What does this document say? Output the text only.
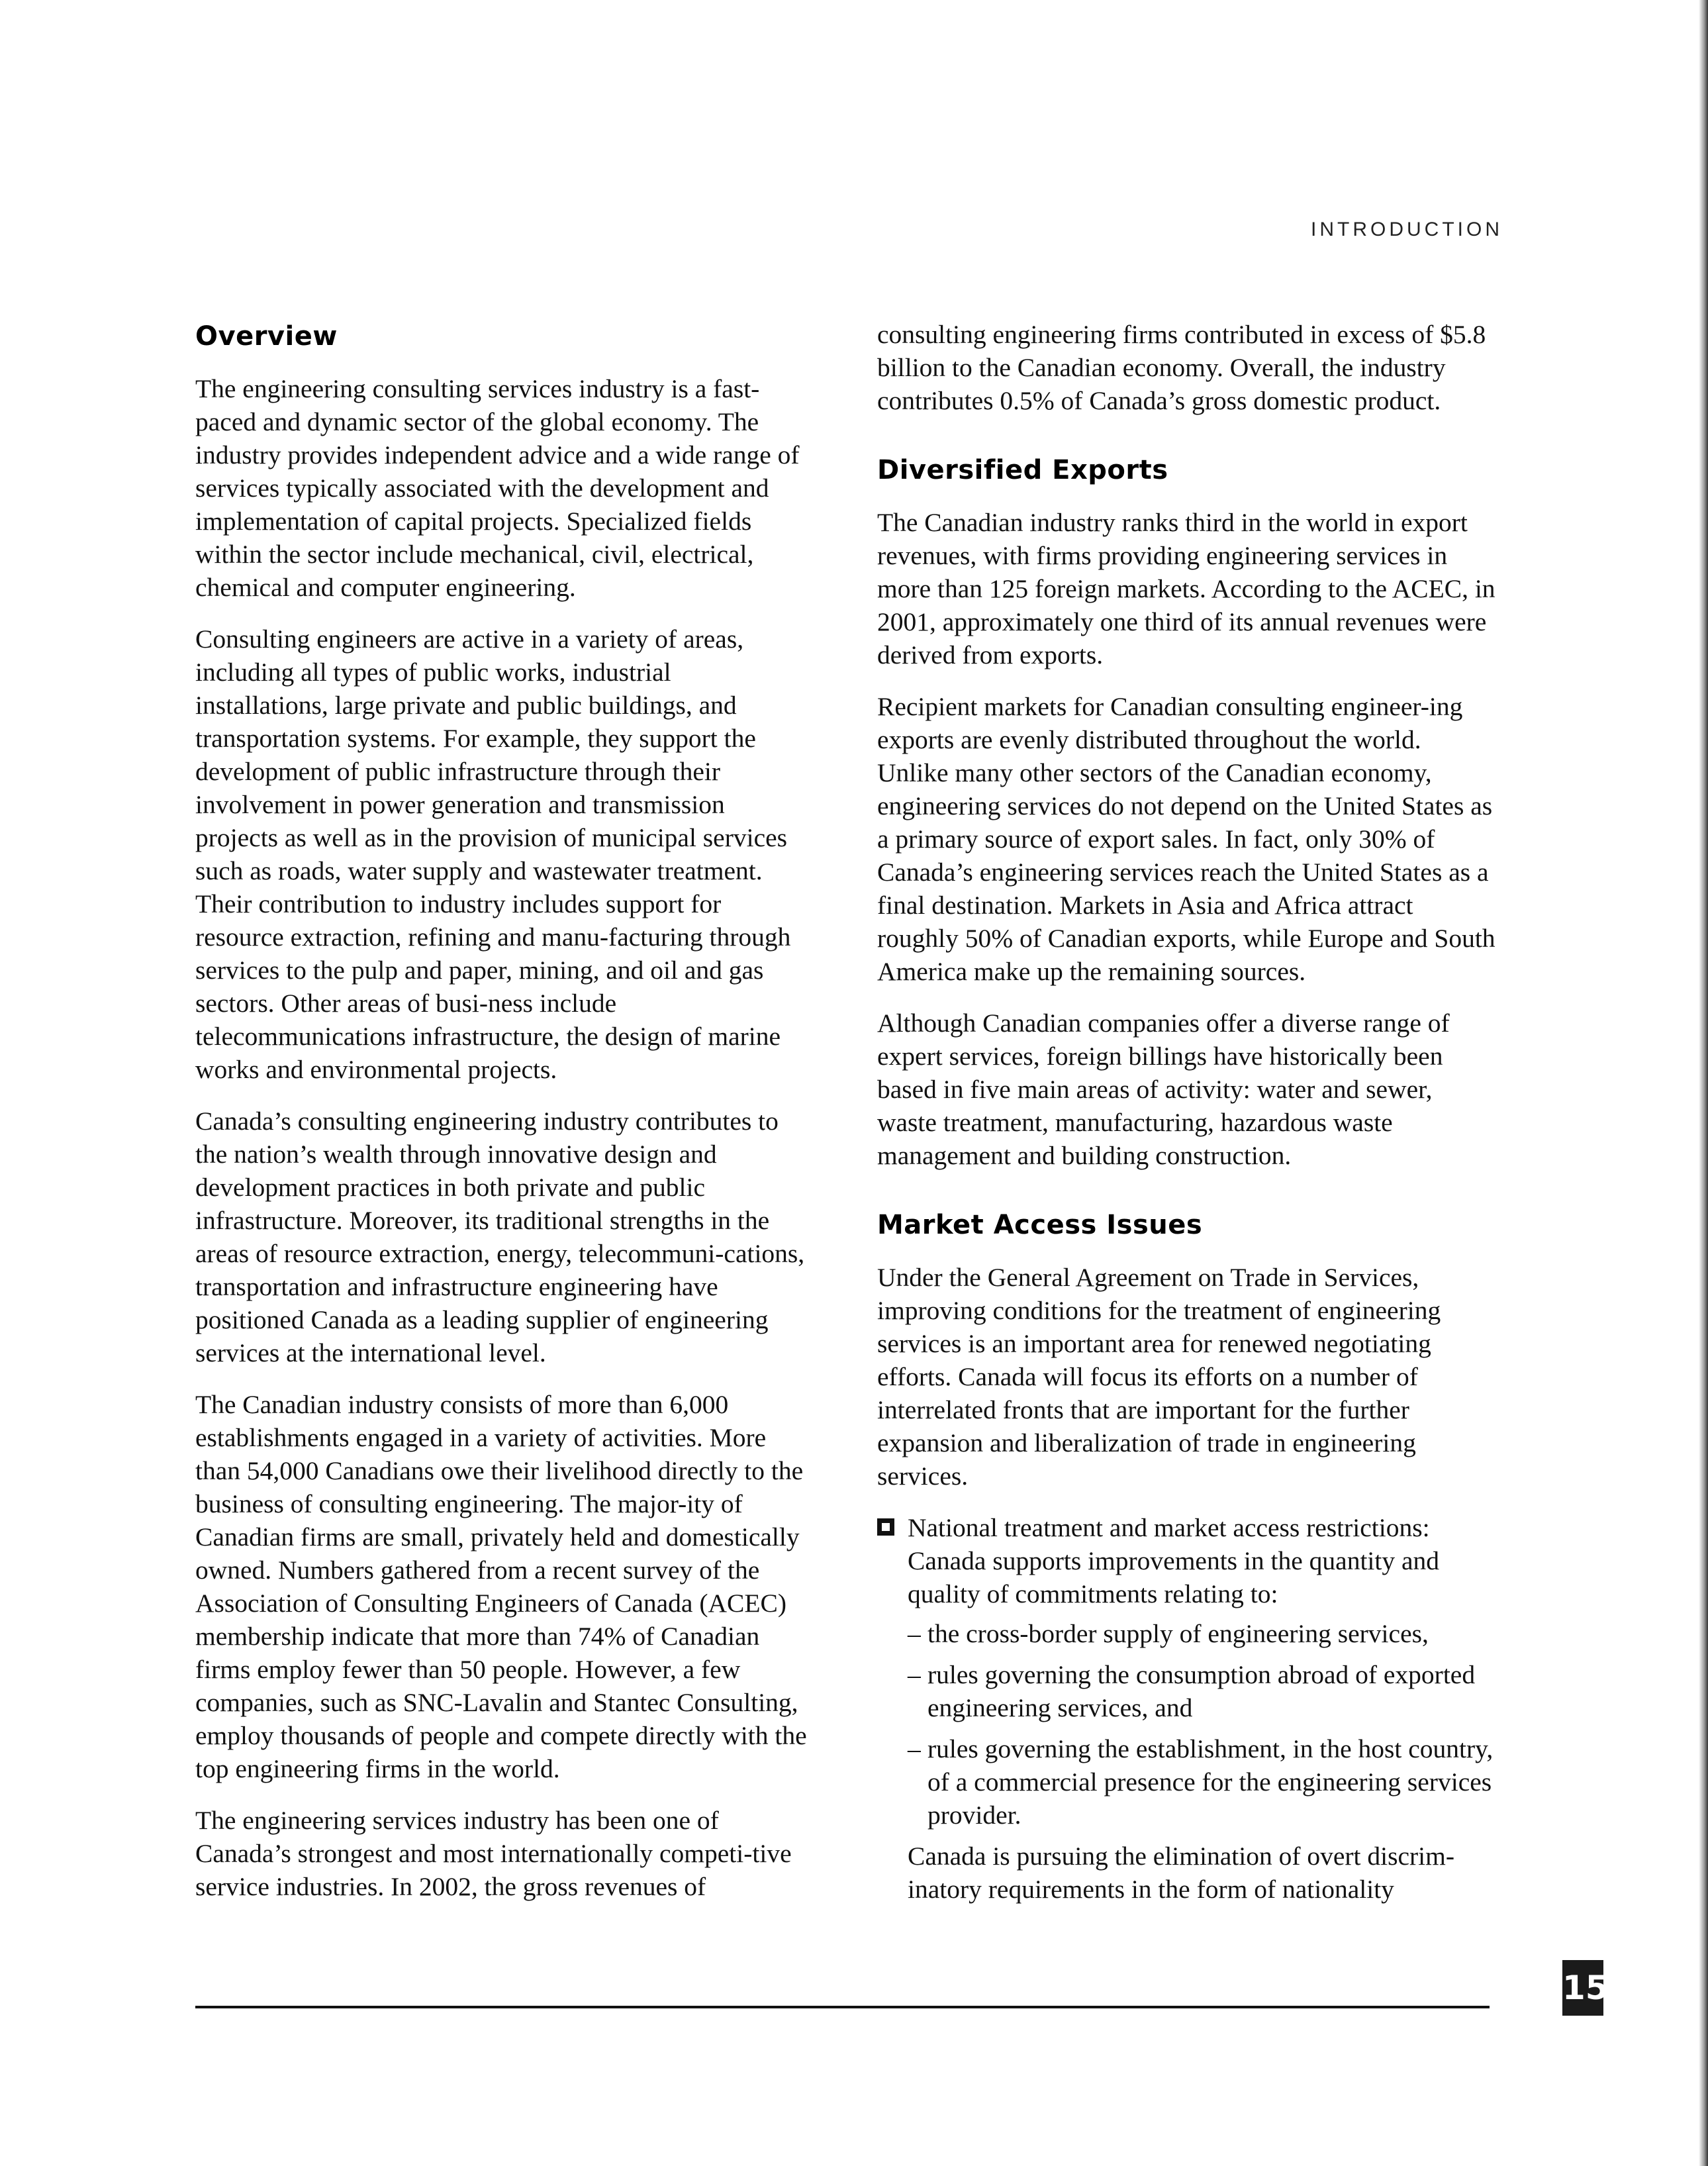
INTRODUCTION
Overview

The engineering consulting services industry is a fast-paced and dynamic sector of the global economy. The industry provides independent advice and a wide range of services typically associated with the development and implementation of capital projects. Specialized fields within the sector include mechanical, civil, electrical, chemical and computer engineering.

Consulting engineers are active in a variety of areas, including all types of public works, industrial installations, large private and public buildings, and transportation systems. For example, they support the development of public infrastructure through their involvement in power generation and transmission projects as well as in the provision of municipal services such as roads, water supply and wastewater treatment. Their contribution to industry includes support for resource extraction, refining and manu-facturing through services to the pulp and paper, mining, and oil and gas sectors. Other areas of busi-ness include telecommunications infrastructure, the design of marine works and environmental projects.

Canada’s consulting engineering industry contributes to the nation’s wealth through innovative design and development practices in both private and public infrastructure. Moreover, its traditional strengths in the areas of resource extraction, energy, telecommuni-cations, transportation and infrastructure engineering have positioned Canada as a leading supplier of engineering services at the international level.

The Canadian industry consists of more than 6,000 establishments engaged in a variety of activities. More than 54,000 Canadians owe their livelihood directly to the business of consulting engineering. The major-ity of Canadian firms are small, privately held and domestically owned. Numbers gathered from a recent survey of the Association of Consulting Engineers of Canada (ACEC) membership indicate that more than 74% of Canadian firms employ fewer than 50 people. However, a few companies, such as SNC-Lavalin and Stantec Consulting, employ thousands of people and compete directly with the top engineering firms in the world.

The engineering services industry has been one of Canada’s strongest and most internationally competi-tive service industries. In 2002, the gross revenues of

consulting engineering firms contributed in excess of $5.8 billion to the Canadian economy. Overall, the industry contributes 0.5% of Canada’s gross domestic product.

Diversified Exports

The Canadian industry ranks third in the world in export revenues, with firms providing engineering services in more than 125 foreign markets. According to the ACEC, in 2001, approximately one third of its annual revenues were derived from exports.

Recipient markets for Canadian consulting engineer-ing exports are evenly distributed throughout the world. Unlike many other sectors of the Canadian economy, engineering services do not depend on the United States as a primary source of export sales. In fact, only 30% of Canada’s engineering services reach the United States as a final destination. Markets in Asia and Africa attract roughly 50% of Canadian exports, while Europe and South America make up the remaining sources.

Although Canadian companies offer a diverse range of expert services, foreign billings have historically been based in five main areas of activity: water and sewer, waste treatment, manufacturing, hazardous waste management and building construction.

Market Access Issues

Under the General Agreement on Trade in Services, improving conditions for the treatment of engineering services is an important area for renewed negotiating efforts. Canada will focus its efforts on a number of interrelated fronts that are important for the further expansion and liberalization of trade in engineering services.

National treatment and market access restrictions: Canada supports improvements in the quantity and quality of commitments relating to:
– the cross-border supply of engineering services,
– rules governing the consumption abroad of exported engineering services, and
– rules governing the establishment, in the host country, of a commercial presence for the engineering services provider.

Canada is pursuing the elimination of overt discrim-inatory requirements in the form of nationality

15
